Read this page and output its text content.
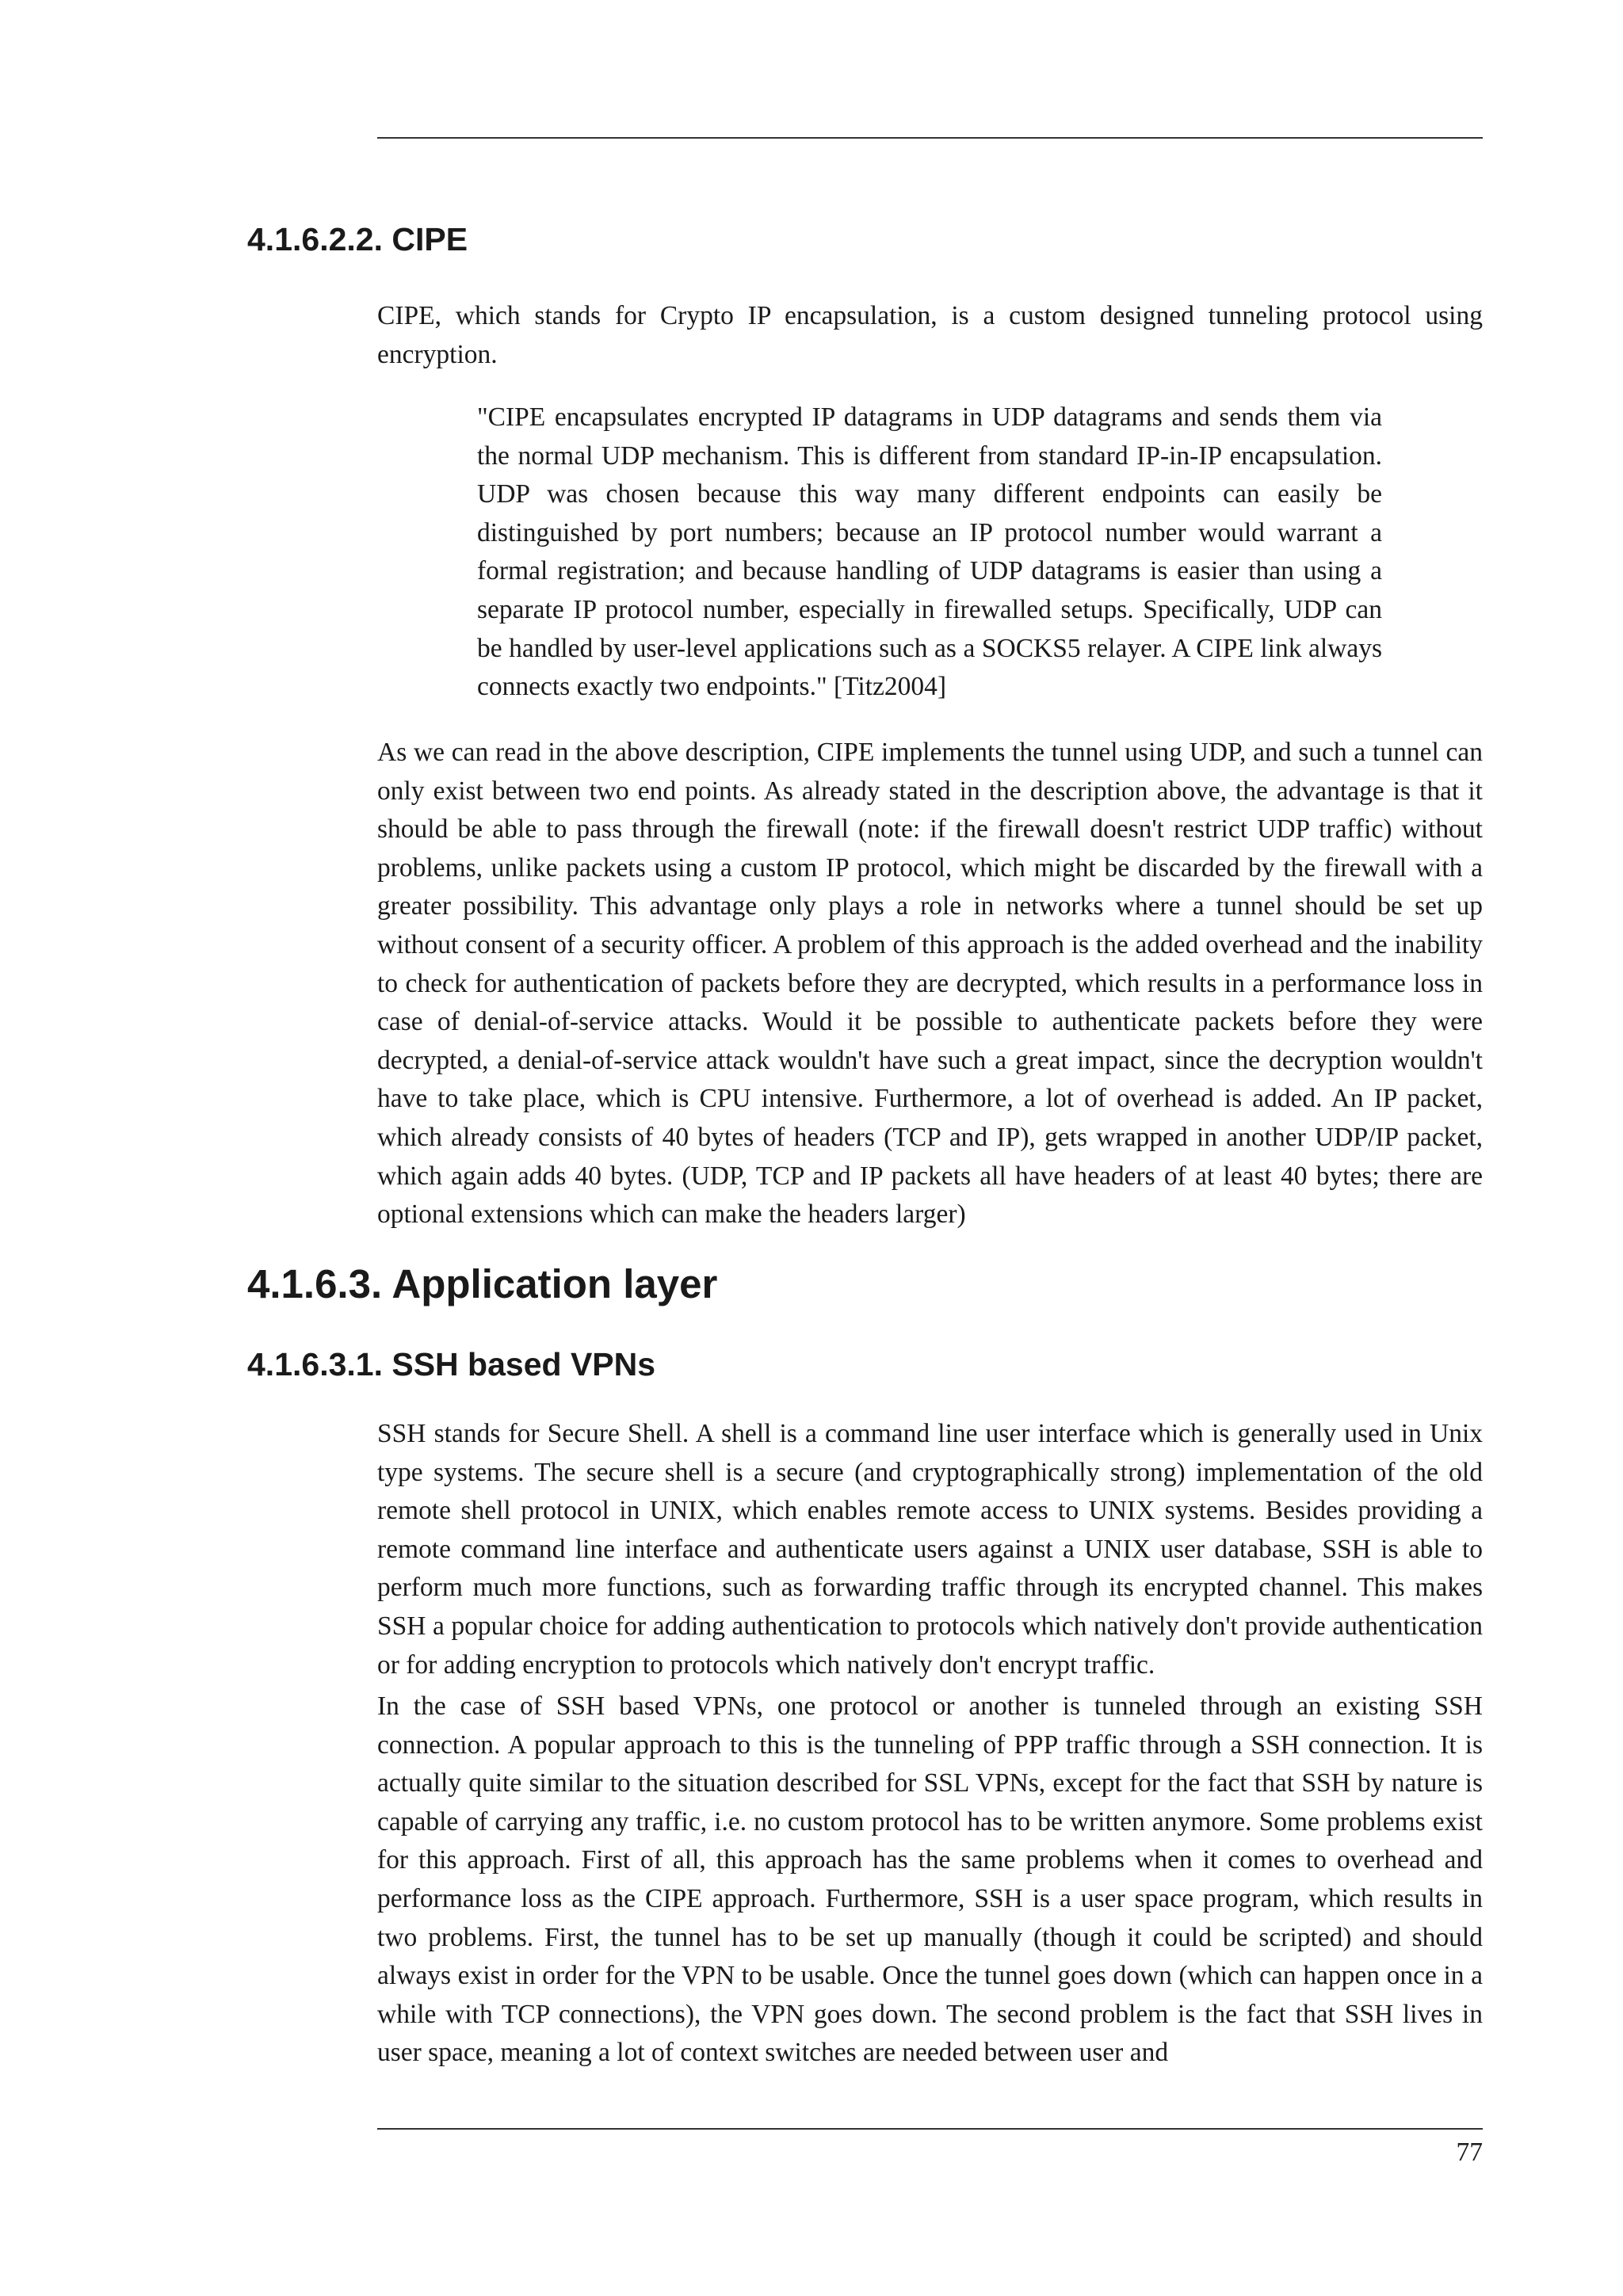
4.1.6.2.2. CIPE

CIPE, which stands for Crypto IP encapsulation, is a custom designed tunneling protocol using encryption.

"CIPE encapsulates encrypted IP datagrams in UDP datagrams and sends them via the normal UDP mechanism. This is different from standard IP-in-IP encapsulation. UDP was chosen because this way many different endpoints can easily be distinguished by port numbers; because an IP protocol number would warrant a formal registration; and because handling of UDP datagrams is easier than using a separate IP protocol number, especially in firewalled setups. Specifically, UDP can be handled by user-level applications such as a SOCKS5 relayer. A CIPE link always connects exactly two endpoints." [Titz2004]

As we can read in the above description, CIPE implements the tunnel using UDP, and such a tunnel can only exist between two end points. As already stated in the description above, the advantage is that it should be able to pass through the firewall (note: if the firewall doesn't restrict UDP traffic) without problems, unlike packets using a custom IP protocol, which might be discarded by the firewall with a greater possibility. This advantage only plays a role in networks where a tunnel should be set up without consent of a security officer. A problem of this approach is the added overhead and the inability to check for authentication of packets before they are decrypted, which results in a performance loss in case of denial-of-service attacks. Would it be possible to authenticate packets before they were decrypted, a denial-of-service attack wouldn't have such a great impact, since the decryption wouldn't have to take place, which is CPU intensive. Furthermore, a lot of overhead is added. An IP packet, which already consists of 40 bytes of headers (TCP and IP), gets wrapped in another UDP/IP packet, which again adds 40 bytes. (UDP, TCP and IP packets all have headers of at least 40 bytes; there are optional extensions which can make the headers larger)

4.1.6.3. Application layer
4.1.6.3.1. SSH based VPNs

SSH stands for Secure Shell. A shell is a command line user interface which is generally used in Unix type systems. The secure shell is a secure (and cryptographically strong) implementation of the old remote shell protocol in UNIX, which enables remote access to UNIX systems. Besides providing a remote command line interface and authenticate users against a UNIX user database, SSH is able to perform much more functions, such as forwarding traffic through its encrypted channel. This makes SSH a popular choice for adding authentication to protocols which natively don't provide authentication or for adding encryption to protocols which natively don't encrypt traffic.

In the case of SSH based VPNs, one protocol or another is tunneled through an existing SSH connection. A popular approach to this is the tunneling of PPP traffic through a SSH connection. It is actually quite similar to the situation described for SSL VPNs, except for the fact that SSH by nature is capable of carrying any traffic, i.e. no custom protocol has to be written anymore. Some problems exist for this approach. First of all, this approach has the same problems when it comes to overhead and performance loss as the CIPE approach. Furthermore, SSH is a user space program, which results in two problems. First, the tunnel has to be set up manually (though it could be scripted) and should always exist in order for the VPN to be usable. Once the tunnel goes down (which can happen once in a while with TCP connections), the VPN goes down. The second problem is the fact that SSH lives in user space, meaning a lot of context switches are needed between user and

77
